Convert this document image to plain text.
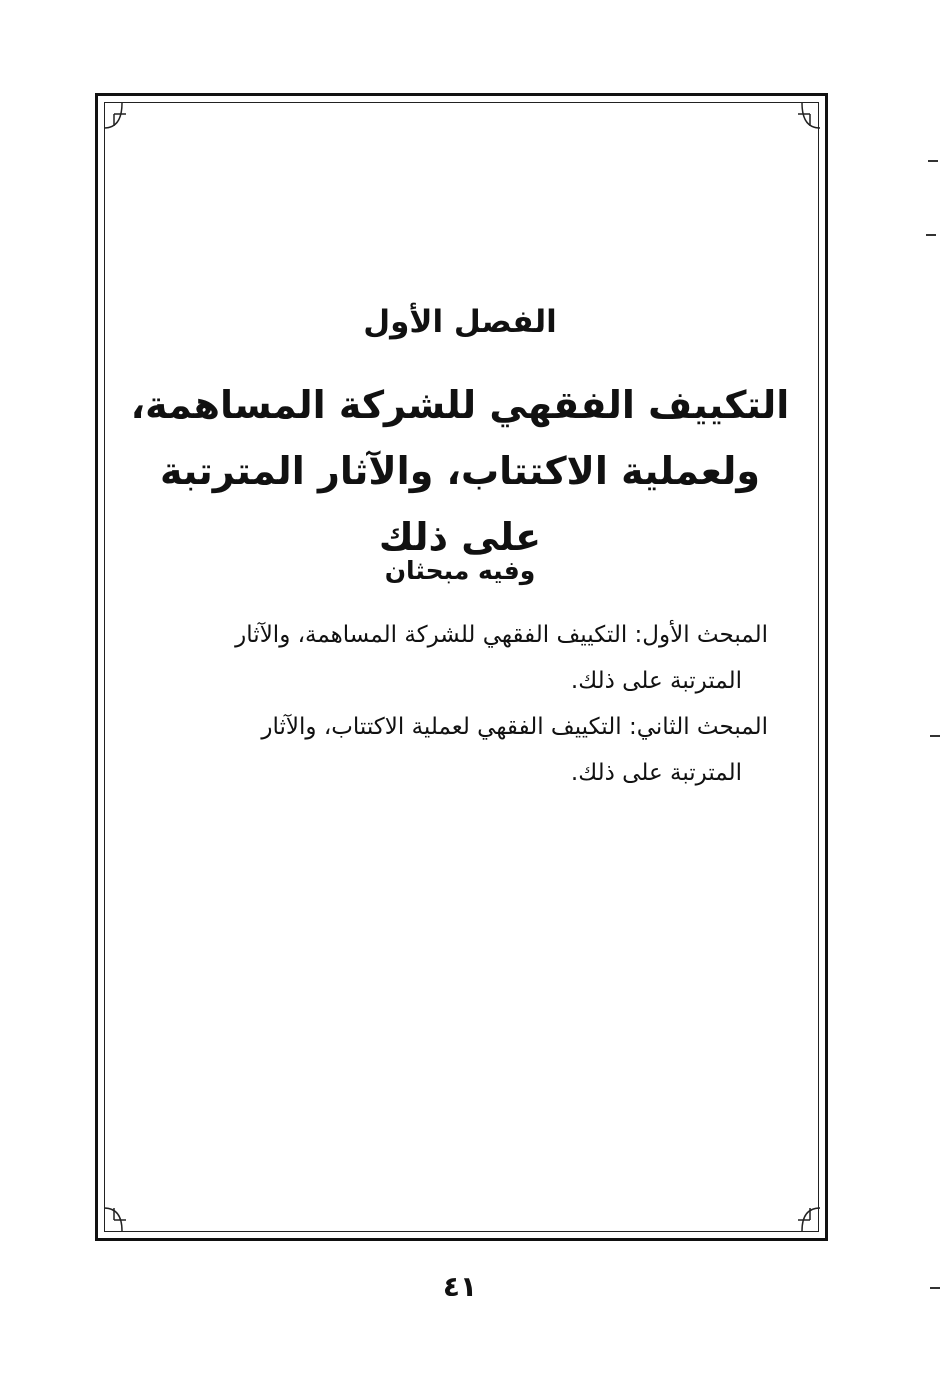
الفصل الأول
التكييف الفقهي للشركة المساهمة،
ولعملية الاكتتاب، والآثار المترتبة على ذلك
وفيه مبحثان

المبحث الأول: التكييف الفقهي للشركة المساهمة، والآثار
المترتبة على ذلك.

المبحث الثاني: التكييف الفقهي لعملية الاكتتاب، والآثار
المترتبة على ذلك.

٤١
